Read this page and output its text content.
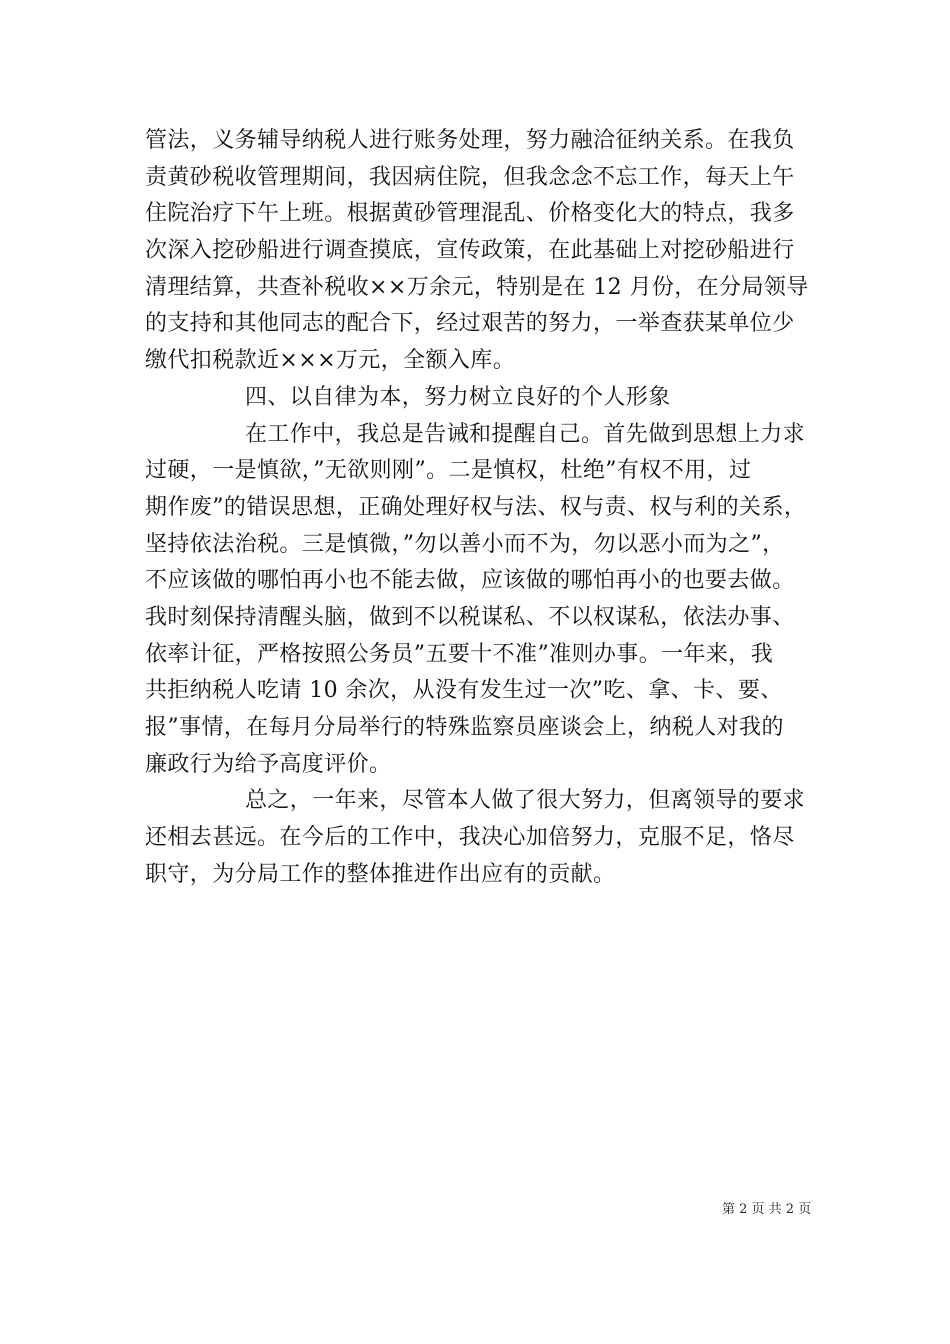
管法，义务辅导纳税人进行账务处理，努力融洽征纳关系。在我负
责黄砂税收管理期间，我因病住院，但我念念不忘工作，每天上午
住院治疗下午上班。根据黄砂管理混乱、价格变化大的特点，我多
次深入挖砂船进行调查摸底，宣传政策，在此基础上对挖砂船进行
清理结算，共查补税收××万余元，特别是在 12 月份，在分局领导
的支持和其他同志的配合下，经过艰苦的努力，一举查获某单位少
缴代扣税款近×××万元，全额入库。
四、以自律为本，努力树立良好的个人形象
在工作中，我总是告诫和提醒自己。首先做到思想上力求
过硬，一是慎欲，”无欲则刚”。二是慎权，杜绝”有权不用，过
期作废”的错误思想，正确处理好权与法、权与责、权与利的关系，
坚持依法治税。三是慎微，”勿以善小而不为，勿以恶小而为之”，
不应该做的哪怕再小也不能去做，应该做的哪怕再小的也要去做。
我时刻保持清醒头脑，做到不以税谋私、不以权谋私，依法办事、
依率计征，严格按照公务员”五要十不准”准则办事。一年来，我
共拒纳税人吃请 10 余次，从没有发生过一次”吃、拿、卡、要、
报”事情，在每月分局举行的特殊监察员座谈会上，纳税人对我的
廉政行为给予高度评价。
总之，一年来，尽管本人做了很大努力，但离领导的要求
还相去甚远。在今后的工作中，我决心加倍努力，克服不足，恪尽
职守，为分局工作的整体推进作出应有的贡献。
第 2 页 共 2 页
